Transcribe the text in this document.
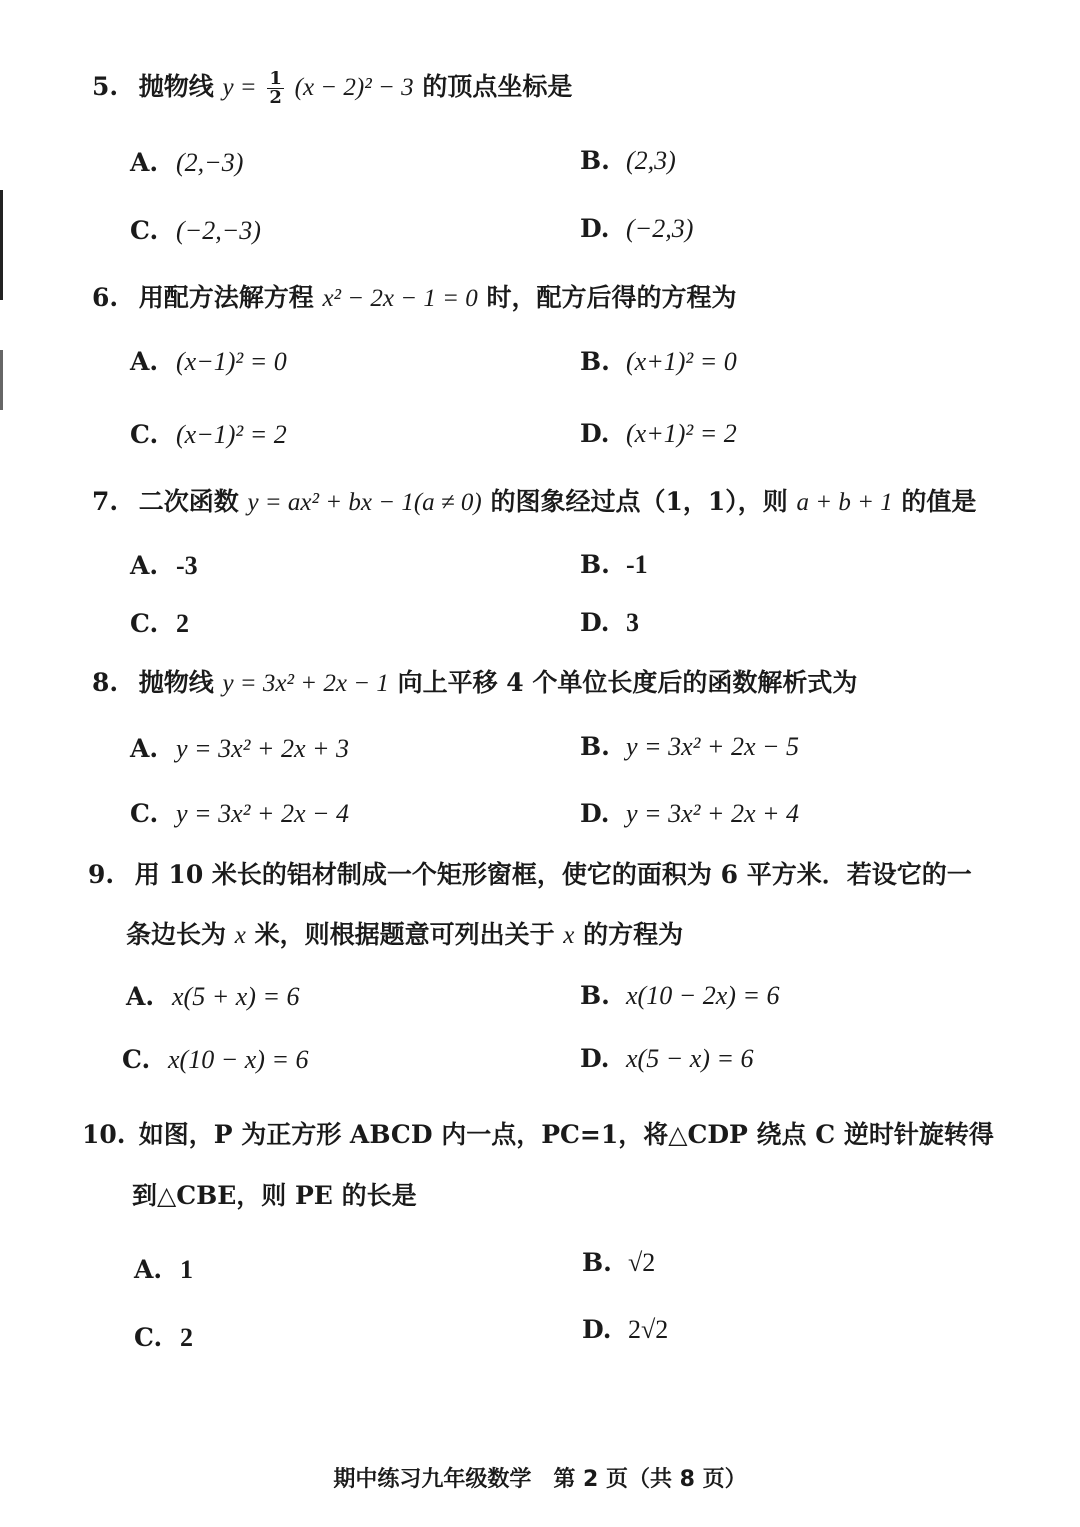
5. 抛物线 $y = \frac{1}{2} (x - 2)^2 - 3$ 的顶点坐标是
A. (2,−3)	B. (2,3)
C. (−2,−3)	D. (−2,3)
6. 用配方法解方程 x² − 2x − 1 = 0 时，配方后得的方程为
A. (x−1)² = 0	B. (x+1)² = 0
C. (x−1)² = 2	D. (x+1)² = 2
7. 二次函数 y = ax² + bx − 1(a ≠ 0) 的图象经过点（1，1），则 a + b + 1 的值是
A. -3	B. -1
C. 2	D. 3
8. 抛物线 y = 3x² + 2x − 1 向上平移 4 个单位长度后的函数解析式为
A. y = 3x² + 2x + 3	B. y = 3x² + 2x − 5
C. y = 3x² + 2x − 4	D. y = 3x² + 2x + 4
9. 用 10 米长的铝材制成一个矩形窗框，使它的面积为 6 平方米．若设它的一
条边长为 x 米，则根据题意可列出关于 x 的方程为
A. x(5 + x) = 6	B. x(10 − 2x) = 6
C. x(10 − x) = 6	D. x(5 − x) = 6
10. 如图，P 为正方形 ABCD 内一点，PC=1，将△CDP 绕点 C 逆时针旋转得
到△CBE，则 PE 的长是
A. 1	B. √2
C. 2	D. 2√2
期中练习九年级数学　第 2 页（共 8 页）
